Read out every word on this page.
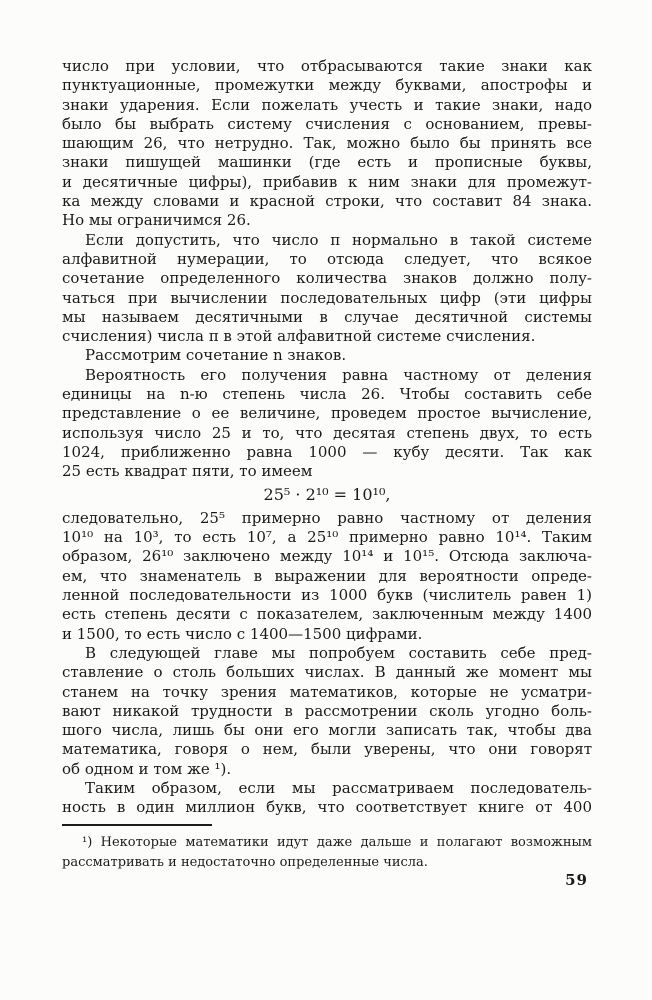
число при условии, что отбрасываются такие знаки как
пунктуационные, промежутки между буквами, апострофы и
знаки ударения. Если пожелать учесть и такие знаки, надо
было бы выбрать систему счисления с основанием, превы-
шающим 26, что нетрудно. Так, можно было бы принять все
знаки пишущей машинки (где есть и прописные буквы,
и десятичные цифры), прибавив к ним знаки для промежут-
ка между словами и красной строки, что составит 84 знака.
Но мы ограничимся 26.
Если допустить, что число π нормально в такой системе
алфавитной нумерации, то отсюда следует, что всякое
сочетание определенного количества знаков должно полу-
чаться при вычислении последовательных цифр (эти цифры
мы называем десятичными в случае десятичной системы
счисления) числа π в этой алфавитной системе счисления.
Рассмотрим сочетание n знаков.
Вероятность его получения равна частному от деления
единицы на n-ю степень числа 26. Чтобы составить себе
представление о ее величине, проведем простое вычисление,
используя число 25 и то, что десятая степень двух, то есть
1024, приближенно равна 1000 — кубу десяти. Так как
25 есть квадрат пяти, то имеем
25⁵ · 2¹⁰ = 10¹⁰,
следовательно, 25⁵ примерно равно частному от деления
10¹⁰ на 10³, то есть 10⁷, а 25¹⁰ примерно равно 10¹⁴. Таким
образом, 26¹⁰ заключено между 10¹⁴ и 10¹⁵. Отсюда заключа-
ем, что знаменатель в выражении для вероятности опреде-
ленной последовательности из 1000 букв (числитель равен 1)
есть степень десяти с показателем, заключенным между 1400
и 1500, то есть число с 1400—1500 цифрами.
В следующей главе мы попробуем составить себе пред-
ставление о столь больших числах. В данный же момент мы
станем на точку зрения математиков, которые не усматри-
вают никакой трудности в рассмотрении сколь угодно боль-
шого числа, лишь бы они его могли записать так, чтобы два
математика, говоря о нем, были уверены, что они говорят
об одном и том же ¹).
Таким образом, если мы рассматриваем последователь-
ность в один миллион букв, что соответствует книге от 400
¹) Некоторые математики идут даже дальше и полагают возможным
рассматривать и недостаточно определенные числа.
59
